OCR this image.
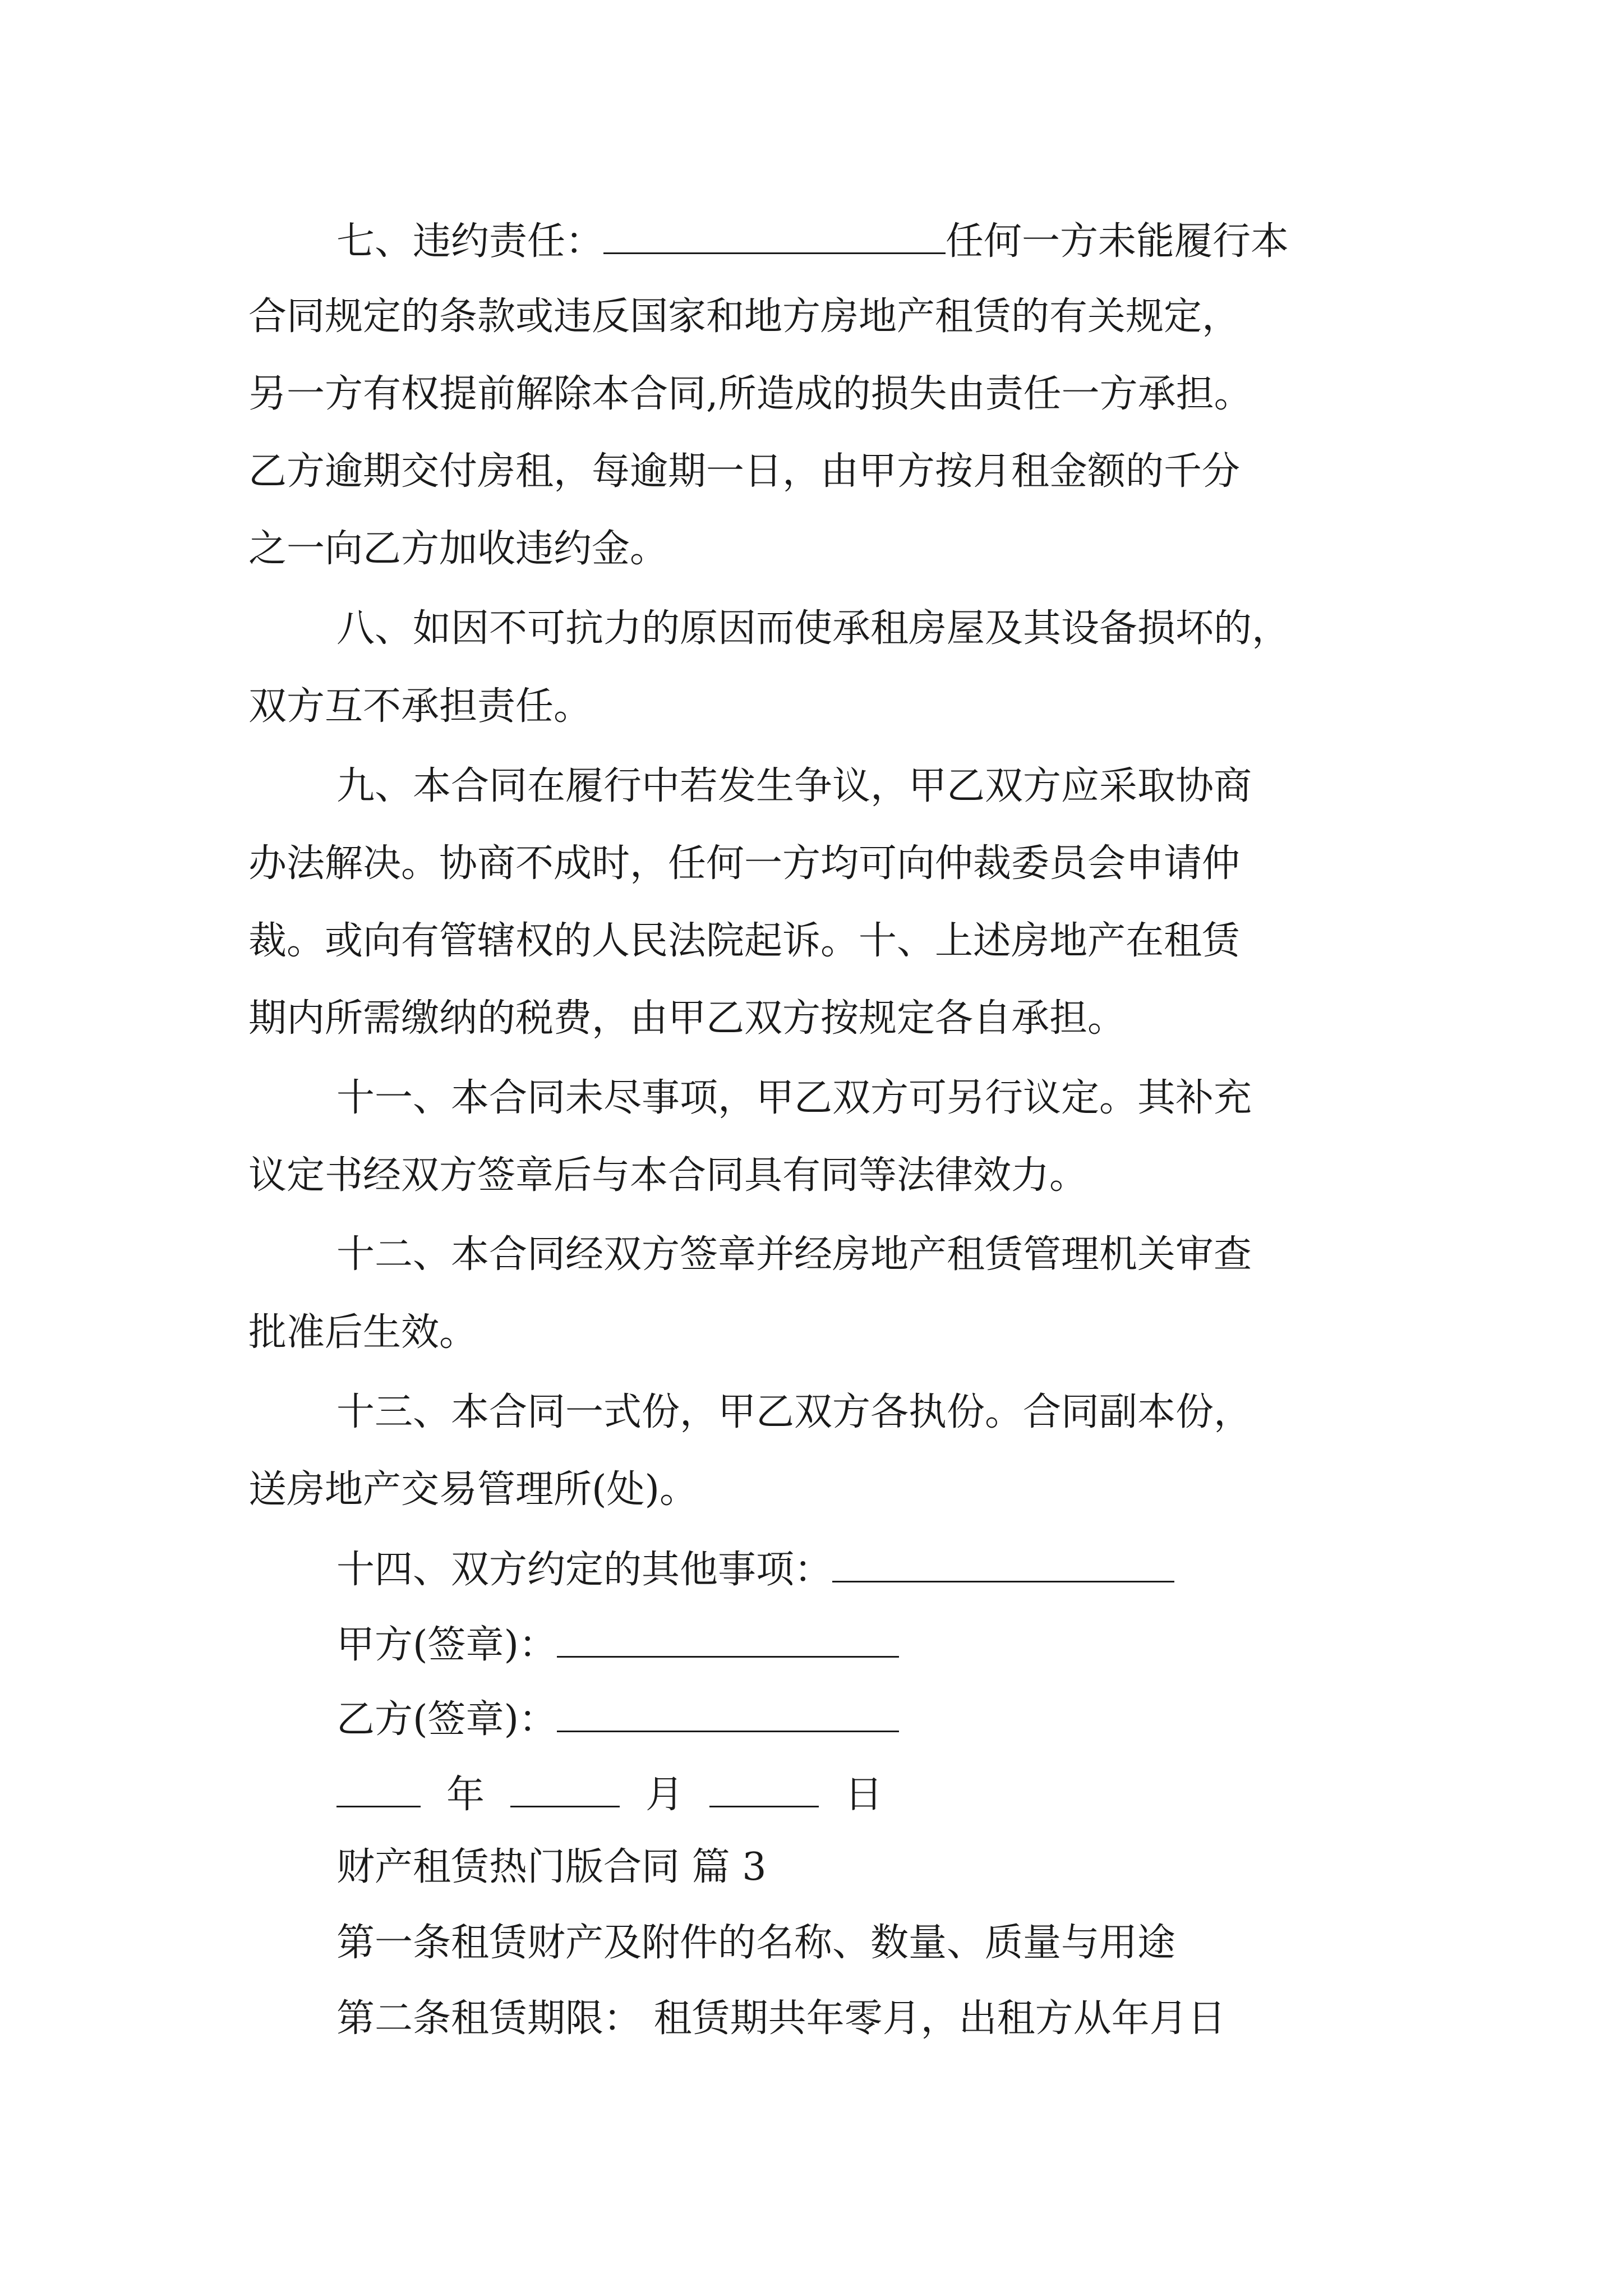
七、违约责任：	任何一方未能履行本
合同规定的条款或违反国家和地方房地产租赁的有关规定，
另一方有权提前解除本合同,所造成的损失由责任一方承担。
乙方逾期交付房租，每逾期一日，由甲方按月租金额的千分
之一向乙方加收违约金。
八、如因不可抗力的原因而使承租房屋及其设备损坏的，
双方互不承担责任。
九、本合同在履行中若发生争议，甲乙双方应采取协商
办法解决。协商不成时，任何一方均可向仲裁委员会申请仲
裁。或向有管辖权的人民法院起诉。十、上述房地产在租赁
期内所需缴纳的税费，由甲乙双方按规定各自承担。
十一、本合同未尽事项，甲乙双方可另行议定。其补充
议定书经双方签章后与本合同具有同等法律效力。
十二、本合同经双方签章并经房地产租赁管理机关审查
批准后生效。
十三、本合同一式份，甲乙双方各执份。合同副本份，
送房地产交易管理所(处)。
十四、双方约定的其他事项：
甲方(签章)：
乙方(签章)：
年	月	日
财产租赁热门版合同 篇 3
第一条租赁财产及附件的名称、数量、质量与用途
第二条租赁期限： 租赁期共年零月，出租方从年月日
